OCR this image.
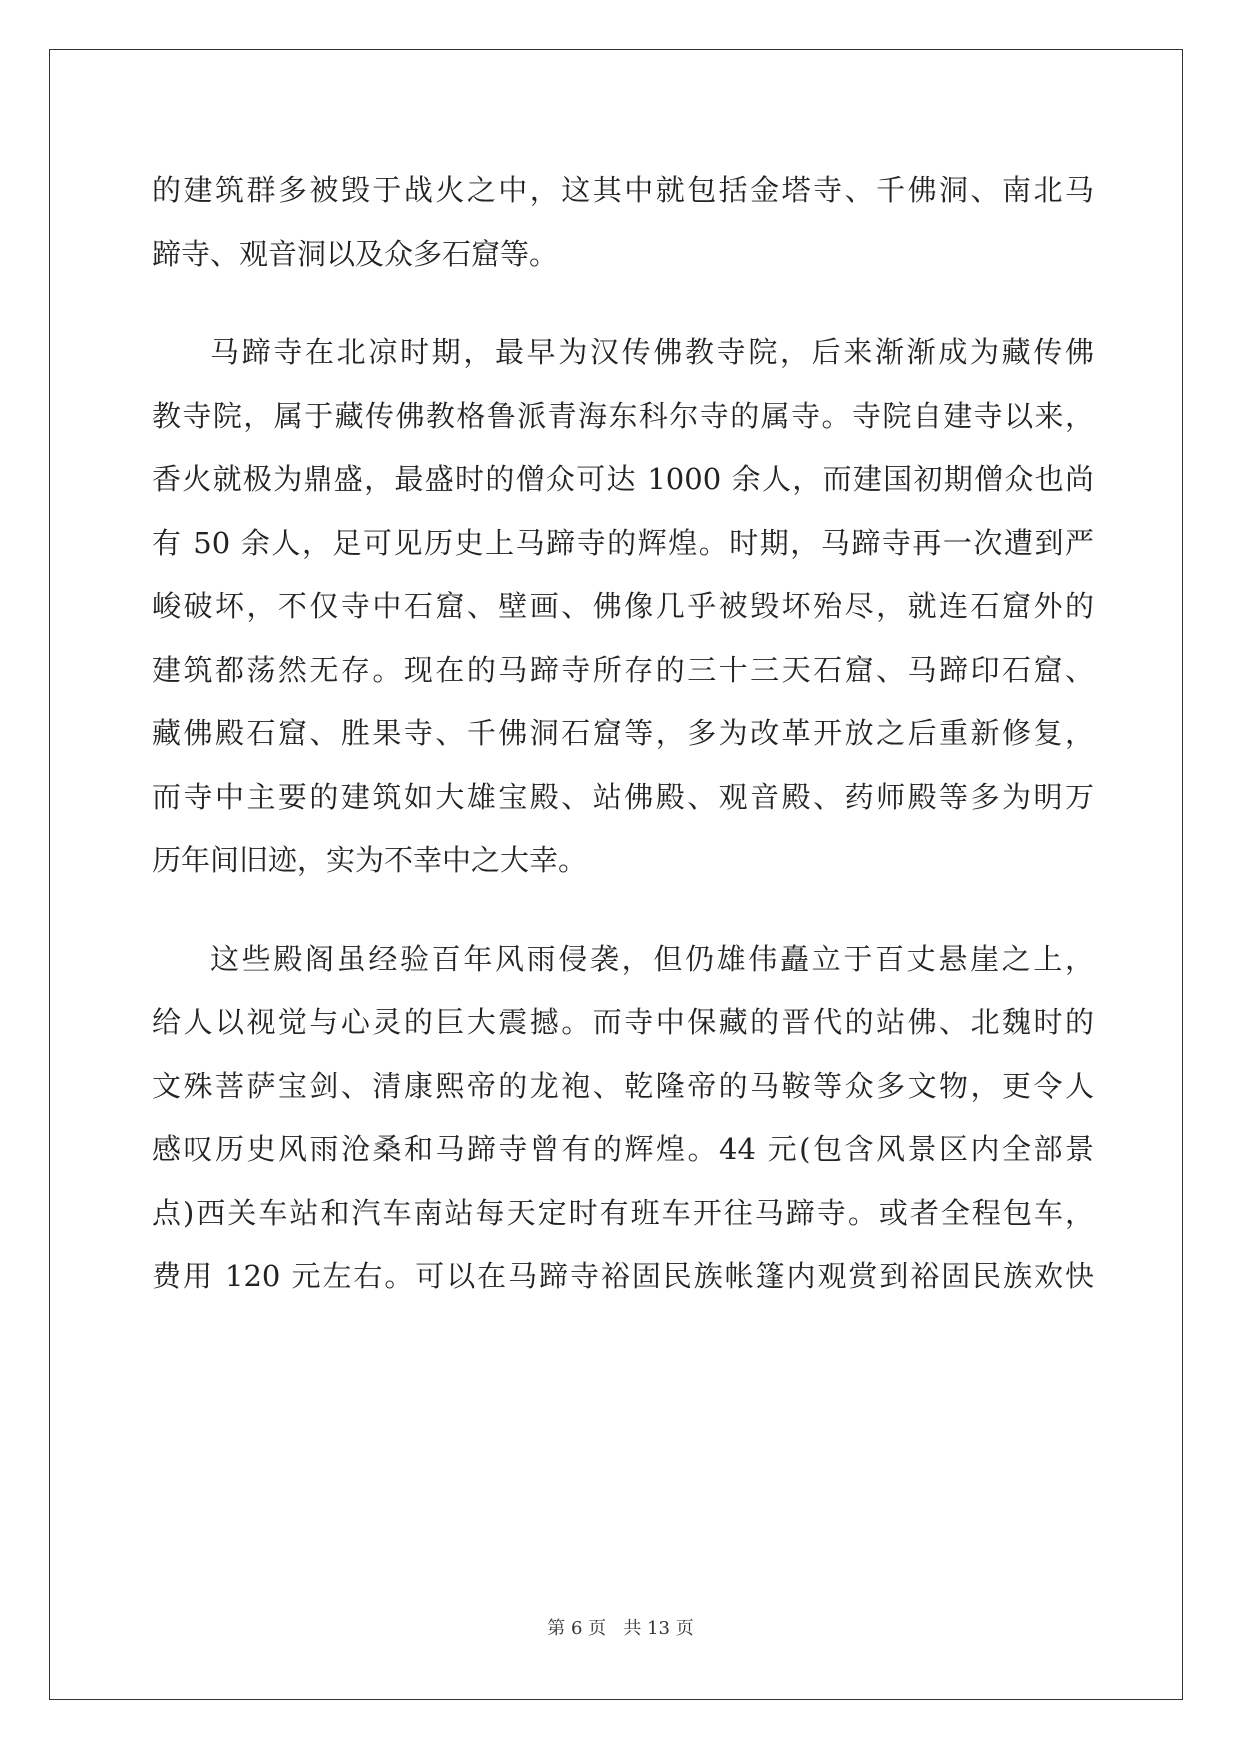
的建筑群多被毁于战火之中，这其中就包括金塔寺、千佛洞、南北马
蹄寺、观音洞以及众多石窟等。
马蹄寺在北凉时期，最早为汉传佛教寺院，后来渐渐成为藏传佛
教寺院，属于藏传佛教格鲁派青海东科尔寺的属寺。寺院自建寺以来，
香火就极为鼎盛，最盛时的僧众可达 1000 余人，而建国初期僧众也尚
有 50 余人，足可见历史上马蹄寺的辉煌。时期，马蹄寺再一次遭到严
峻破坏，不仅寺中石窟、壁画、佛像几乎被毁坏殆尽，就连石窟外的
建筑都荡然无存。现在的马蹄寺所存的三十三天石窟、马蹄印石窟、
藏佛殿石窟、胜果寺、千佛洞石窟等，多为改革开放之后重新修复，
而寺中主要的建筑如大雄宝殿、站佛殿、观音殿、药师殿等多为明万
历年间旧迹，实为不幸中之大幸。
这些殿阁虽经验百年风雨侵袭，但仍雄伟矗立于百丈悬崖之上，
给人以视觉与心灵的巨大震撼。而寺中保藏的晋代的站佛、北魏时的
文殊菩萨宝剑、清康熙帝的龙袍、乾隆帝的马鞍等众多文物，更令人
感叹历史风雨沧桑和马蹄寺曾有的辉煌。44 元(包含风景区内全部景
点)西关车站和汽车南站每天定时有班车开往马蹄寺。或者全程包车，
费用 120 元左右。可以在马蹄寺裕固民族帐篷内观赏到裕固民族欢快
第 6 页 共 13 页
